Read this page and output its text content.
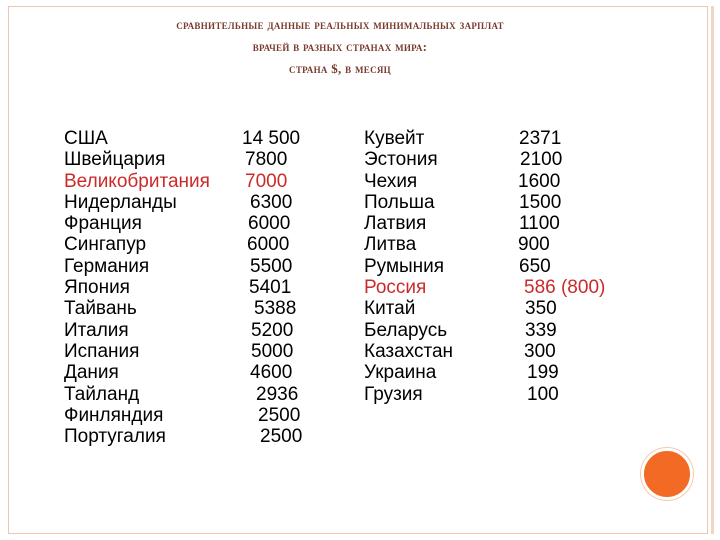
сравнительные данные реальных минимальных зарплат
врачей в разных странах мира:
страна $, в месяц
США	14 500
Швейцария	7800
Великобритания 7000
Нидерланды	6300
Франция	6000
Сингапур	6000
Германия	5500
Япония	5401
Тайвань	5388
Италия	5200
Испания	5000
Дания	4600
Тайланд	2936
Финляндия	2500
Португалия	2500
Кувейт	2371
Эстония	2100
Чехия	1600
Польша	1500
Латвия	1100
Литва	900
Румыния	650
Россия	586 (800)
Китай	350
Беларусь	339
Казахстан	300
Украина	199
Грузия	100
